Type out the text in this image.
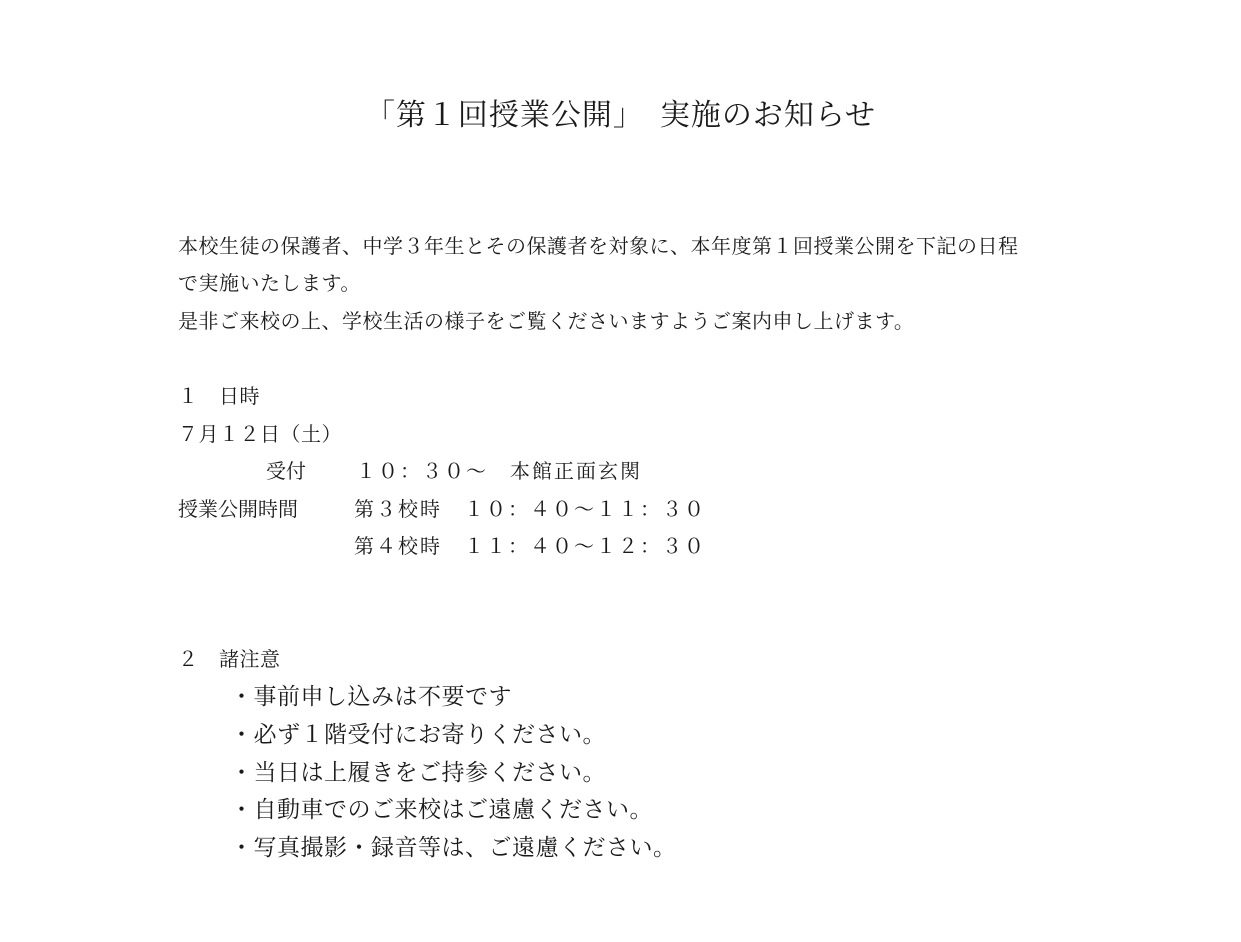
「第１回授業公開」　実施のお知らせ
本校生徒の保護者、中学３年生とその保護者を対象に、本年度第１回授業公開を下記の日程
で実施いたします。
是非ご来校の上、学校生活の様子をご覧くださいますようご案内申し上げます。
１　日時
７月１２日（土）
受付	１０：３０～　本館正面玄関
授業公開時間	第３校時　１０：４０～１１：３０
第４校時　１１：４０～１２：３０
２　諸注意
・事前申し込みは不要です
・必ず１階受付にお寄りください。
・当日は上履きをご持参ください。
・自動車でのご来校はご遠慮ください。
・写真撮影・録音等は、ご遠慮ください。
